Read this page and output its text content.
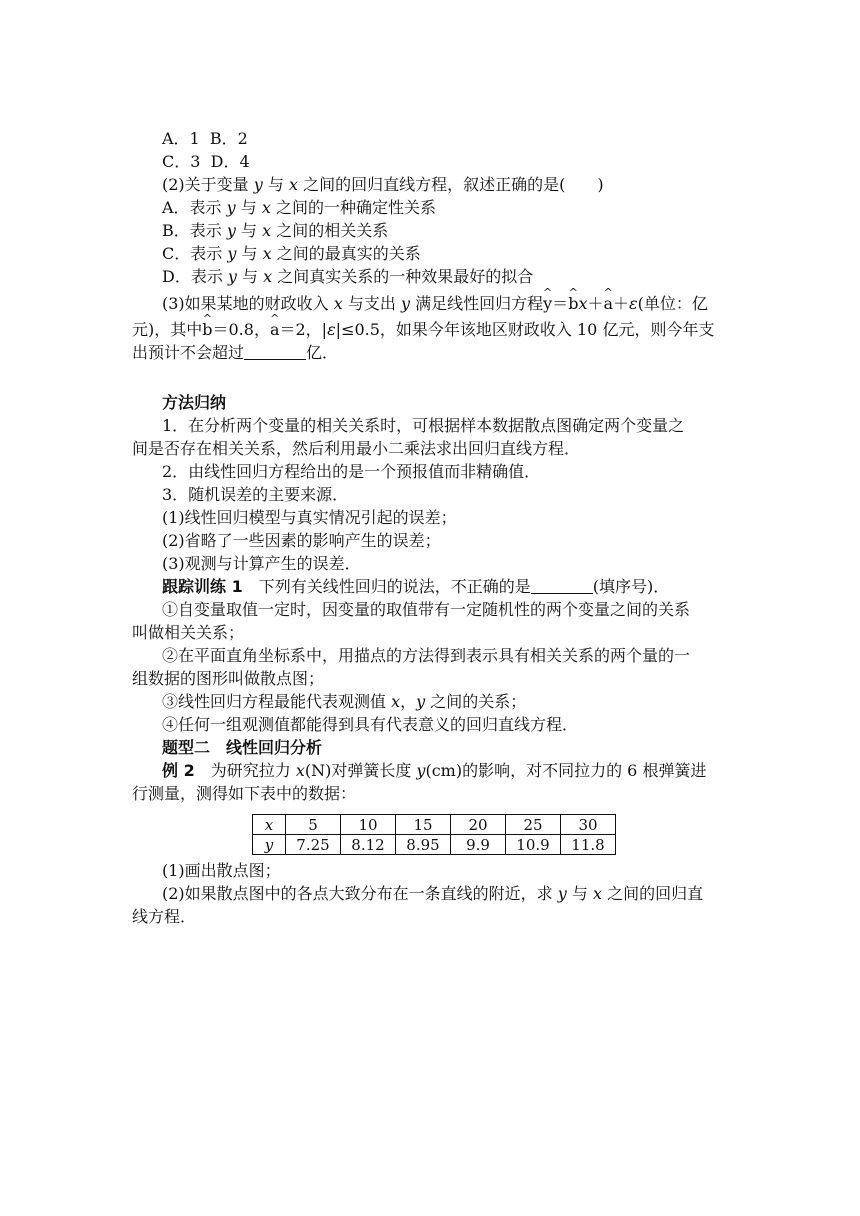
A．1 B．2
C．3 D．4
(2)关于变量 y 与 x 之间的回归直线方程，叙述正确的是(　　)
A．表示 y 与 x 之间的一种确定性关系
B．表示 y 与 x 之间的相关关系
C．表示 y 与 x 之间的最真实的关系
D．表示 y 与 x 之间真实关系的一种效果最好的拟合
(3)如果某地的财政收入 x 与支出 y 满足线性回归方程^ y＝^ bx＋^ a＋ε(单位：亿
元)，其中^ b＝0.8，^ a＝2，|ε|≤0.5，如果今年该地区财政收入 10 亿元，则今年支
出预计不会超过	亿．
方法归纳
1．在分析两个变量的相关关系时，可根据样本数据散点图确定两个变量之
间是否存在相关关系，然后利用最小二乘法求出回归直线方程．
2．由线性回归方程给出的是一个预报值而非精确值．
3．随机误差的主要来源．
(1)线性回归模型与真实情况引起的误差；
(2)省略了一些因素的影响产生的误差；
(3)观测与计算产生的误差．
跟踪训练 1　下列有关线性回归的说法，不正确的是	(填序号)．
①自变量取值一定时，因变量的取值带有一定随机性的两个变量之间的关系
叫做相关关系；
②在平面直角坐标系中，用描点的方法得到表示具有相关关系的两个量的一
组数据的图形叫做散点图；
③线性回归方程最能代表观测值 x，y 之间的关系；
④任何一组观测值都能得到具有代表意义的回归直线方程．
题型二　线性回归分析
例 2　为研究拉力 x(N)对弹簧长度 y(cm)的影响，对不同拉力的 6 根弹簧进
行测量，测得如下表中的数据：
x	5	10	15	20	25	30
y	7.25	8.12	8.95	9.9	10.9	11.8
(1)画出散点图；
(2)如果散点图中的各点大致分布在一条直线的附近，求 y 与 x 之间的回归直
线方程．
